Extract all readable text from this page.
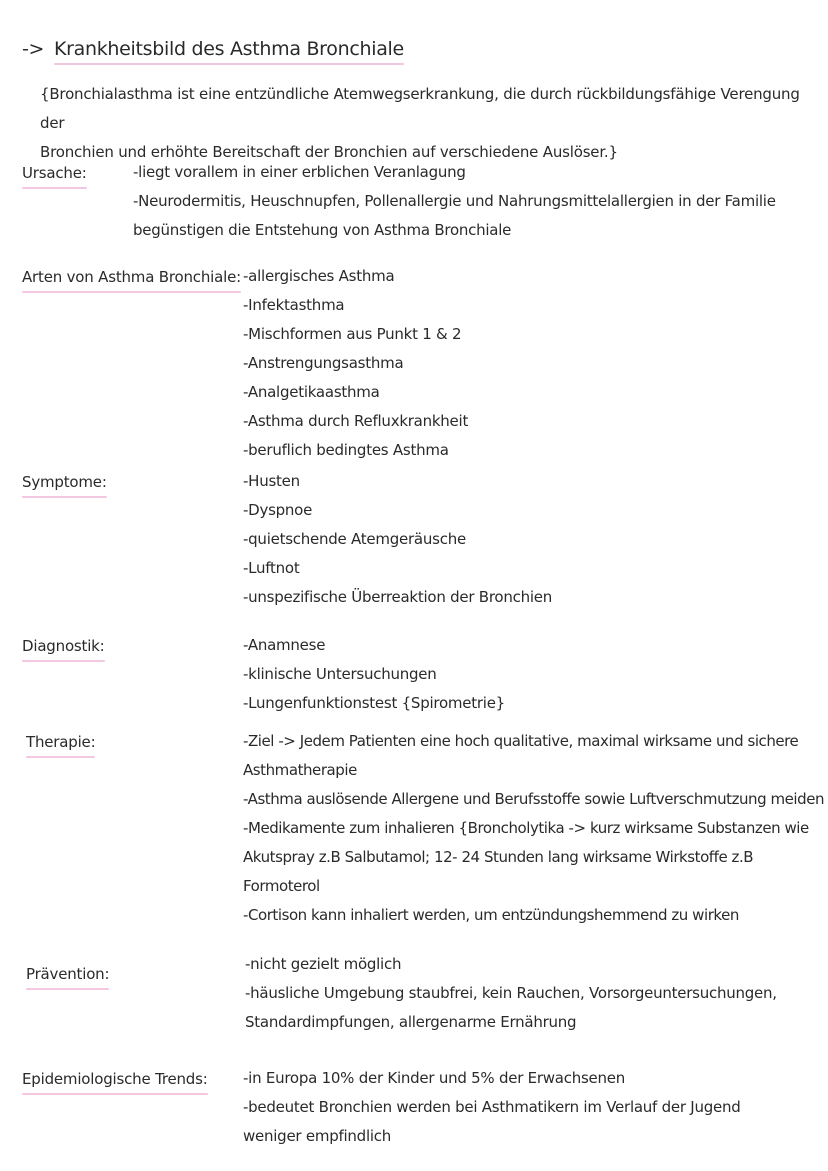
-> Krankheitsbild des Asthma Bronchiale
{Bronchialasthma ist eine entzündliche Atemwegserkrankung, die durch rückbildungsfähige Verengung der
Bronchien und erhöhte Bereitschaft der Bronchien auf verschiedene Auslöser.}
Ursache:	-liegt vorallem in einer erblichen Veranlagung
-Neurodermitis, Heuschnupfen, Pollenallergie und Nahrungsmittelallergien in der Familie
begünstigen die Entstehung von Asthma Bronchiale
Arten von Asthma Bronchiale: -allergisches Asthma
-Infektasthma
-Mischformen aus Punkt 1 & 2
-Anstrengungsasthma
-Analgetikaasthma
-Asthma durch Refluxkrankheit
-beruflich bedingtes Asthma
Symptome:	-Husten
-Dyspnoe
-quietschende Atemgeräusche
-Luftnot
-unspezifische Überreaktion der Bronchien
Diagnostik:	-Anamnese
-klinische Untersuchungen
-Lungenfunktionstest {Spirometrie}
Therapie:	-Ziel -> Jedem Patienten eine hoch qualitative, maximal wirksame und sichere
Asthmatherapie
-Asthma auslösende Allergene und Berufsstoffe sowie Luftverschmutzung meiden
-Medikamente zum inhalieren {Broncholytika -> kurz wirksame Substanzen wie
Akutspray z.B Salbutamol; 12- 24 Stunden lang wirksame Wirkstoffe z.B
Formoterol
-Cortison kann inhaliert werden, um entzündungshemmend zu wirken
Prävention:
-nicht gezielt möglich
-häusliche Umgebung staubfrei, kein Rauchen, Vorsorgeuntersuchungen,
Standardimpfungen, allergenarme Ernährung
Epidemiologische Trends: -in Europa 10% der Kinder und 5% der Erwachsenen
-bedeutet Bronchien werden bei Asthmatikern im Verlauf der Jugend
weniger empfindlich
